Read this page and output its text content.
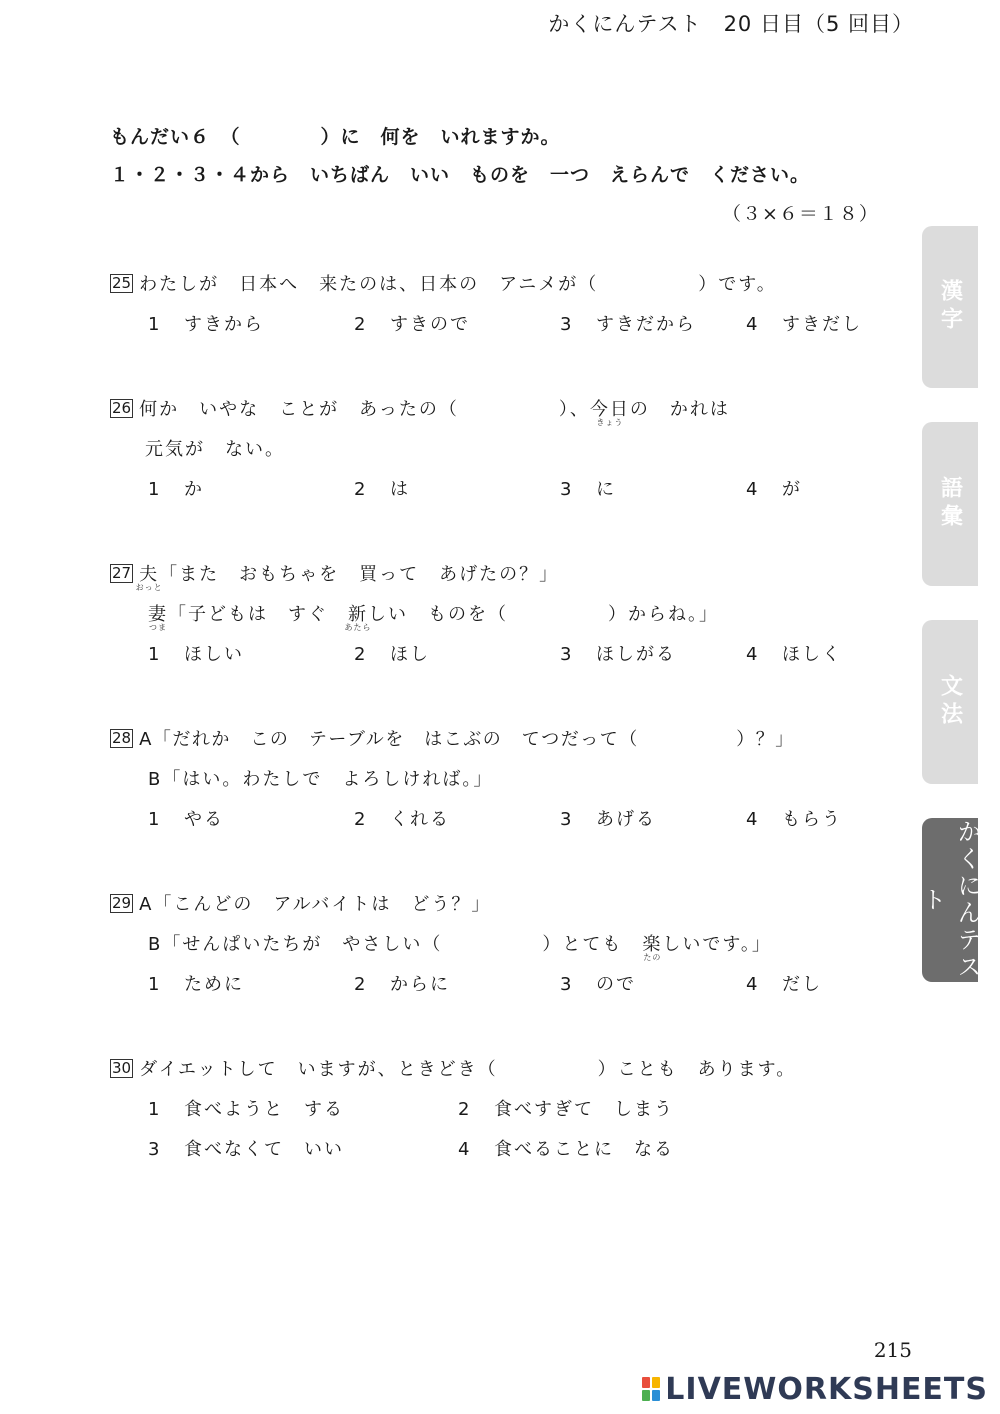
かくにんテスト　20 日目（5 回目）
もんだい６　（　　　　）に　何を　いれますか。
１・２・３・４から　いちばん　いい　ものを　一つ　えらんで　ください。
（３×６＝１８）
25 わたしが　日本へ　来たのは、日本の　アニメが（　　　　　）です。
1 すきから	2 すきので	3 すきだから	4 すきだし
26 何か　いやな　ことが　あったの（　　　　　）、今日
きょう
の　かれは
元気が　ない。
1 か	2 は	3 に	4 が
27 夫
おっと
「また　おもちゃを　買って　あげたの？」
妻
つま
「子どもは　すぐ　新
あたら
しい　ものを（　　　　　）からね。」
1 ほしい	2 ほし	3 ほしがる	4 ほしく
28 A「だれか　この　テーブルを　はこぶの　てつだって（　　　　　）？」
B「はい。わたしで　よろしければ。」
1 やる	2 くれる	3 あげる	4 もらう
29 A「こんどの　アルバイトは　どう？」
B「せんぱいたちが　やさしい（　　　　　）とても　楽
たの
しいです。」
1 ために	2 からに	3 ので	4 だし
30 ダイエットして　いますが、ときどき（　　　　　）ことも　あります。
1 食べようと　する	2 食べすぎて　しまう
3 食べなくて　いい	4 食べることに　なる
漢字
語彙
文法
かくにんテスト
215
LIVEWORKSHEETS
